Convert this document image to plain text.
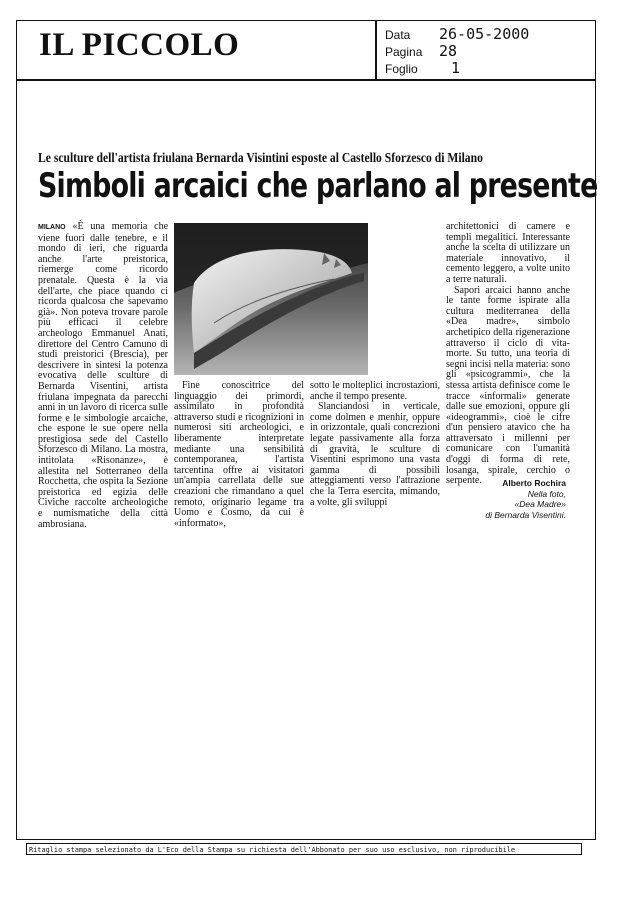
IL PICCOLO	Data 26-05-2000
Pagina 28
Foglio 1
Le sculture dell'artista friulana Bernarda Visintini esposte al Castello Sforzesco di Milano
Simboli arcaici che parlano al presente

MILANO «È una memoria che viene fuori dalle tenebre, e il mondo di ieri, che riguarda anche l'arte preistorica, riemerge come ricordo prenatale. Questa è la via dell'arte, che piace quando ci ricorda qualcosa che sapevamo già». Non poteva trovare parole più efficaci il celebre archeologo Emmanuel Anati, direttore del Centro Camuno di studi preistorici (Brescia), per descrivere in sintesi la potenza evocativa delle sculture di Bernarda Visentini, artista friulana impegnata da parecchi anni in un lavoro di ricerca sulle forme e le simbologie arcaiche, che espone le sue opere nella prestigiosa sede del Castello Sforzesco di Milano. La mostra, intitolata «Risonanze», è allestita nel Sotterraneo della Rocchetta, che ospita la Sezione preistorica ed egizia delle Civiche raccolte archeologiche e numismatiche della città ambrosiana.

Fine conoscitrice del linguaggio dei primordi, assimilato in profondità attraverso studi e ricognizioni in numerosi siti archeologici, e liberamente interpretate mediante una sensibilità contemporanea, l'artista tarcentina offre ai visitatori un'ampia carrellata delle sue creazioni che rimandano a quel remoto, originario legame tra Uomo e Cosmo, da cui è «informato»,

sotto le molteplici incrostazioni, anche il tempo presente.

Slanciandosi in verticale, come dolmen e menhir, oppure in orizzontale, quali concrezioni legate passivamente alla forza di gravità, le sculture di Visentini esprimono una vasta gamma di possibili atteggiamenti verso l'attrazione che la Terra esercita, mimando, a volte, gli sviluppi

architettonici di camere e templi megalitici. Interessante anche la scelta di utilizzare un materiale innovativo, il cemento leggero, a volte unito a terre naturali.

Sapori arcaici hanno anche le tante forme ispirate alla cultura mediterranea della «Dea madre», simbolo archetipico della rigenerazione attraverso il ciclo di vita-morte. Su tutto, una teoria di segni incisi nella materia: sono gli «psicogrammi», che la stessa artista definisce come le tracce «informali» generate dalle sue emozioni, oppure gli «ideogrammi», cioè le cifre d'un pensiero atavico che ha attraversato i millenni per comunicare con l'umanità d'oggi di forma di rete, losanga, spirale, cerchio o serpente.	Alberto Rochira
Nella foto,
«Dea Madre»
di Bernarda Visentini.
Ritaglio stampa selezionato da L'Eco della Stampa su richiesta dell'Abbonato per suo uso esclusivo, non riproducibile
